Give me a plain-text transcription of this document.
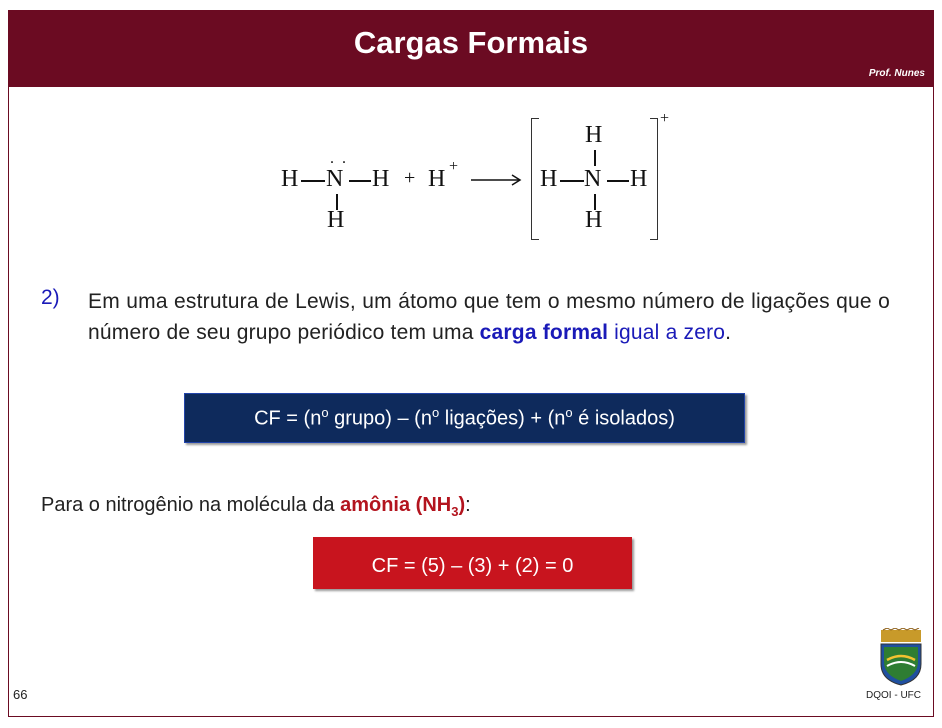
Cargas Formais
Prof. Nunes
. .
H N H
H
+ H +
+
H
H N H
H
2) Em uma estrutura de Lewis, um átomo que tem o mesmo número de ligações que o número de seu grupo periódico tem uma carga formal igual a zero.
CF = ($n^o$ grupo) – ($n^o$ ligações) + ($n^o$ é isolados)
Para o nitrogênio na molécula da amônia $(NH_3)$:
CF = (5) – (3) + (2) = 0
66	DQOI - UFC
